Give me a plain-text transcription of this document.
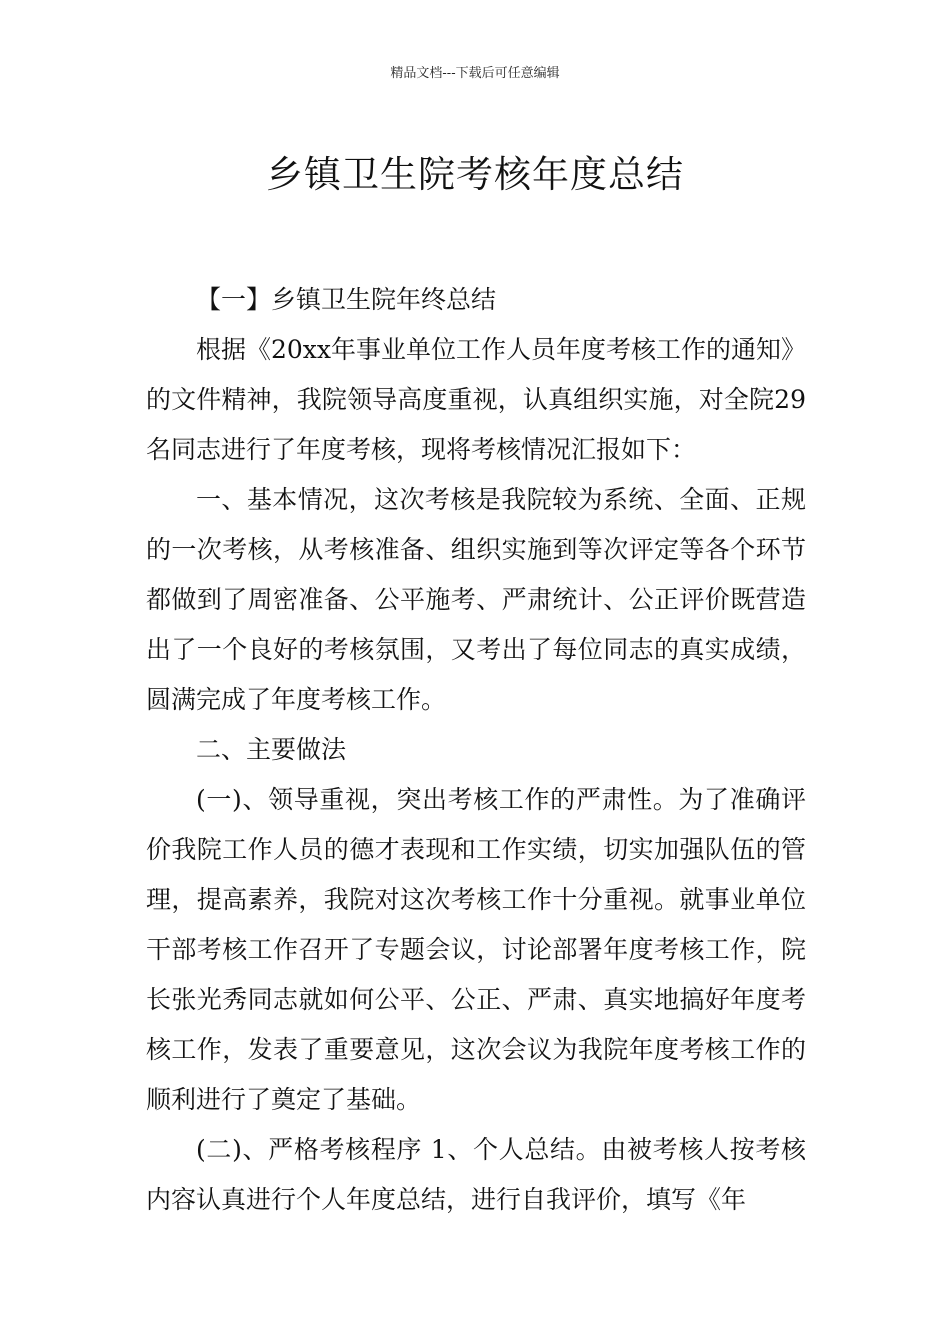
精品文档---下载后可任意编辑
乡镇卫生院考核年度总结

【一】乡镇卫生院年终总结

根据《20xx年事业单位工作人员年度考核工作的通知》的文件精神，我院领导高度重视，认真组织实施，对全院29名同志进行了年度考核，现将考核情况汇报如下：

一、基本情况，这次考核是我院较为系统、全面、正规的一次考核，从考核准备、组织实施到等次评定等各个环节都做到了周密准备、公平施考、严肃统计、公正评价既营造出了一个良好的考核氛围，又考出了每位同志的真实成绩，圆满完成了年度考核工作。

二、主要做法

(一)、领导重视，突出考核工作的严肃性。为了准确评价我院工作人员的德才表现和工作实绩，切实加强队伍的管理，提高素养，我院对这次考核工作十分重视。就事业单位干部考核工作召开了专题会议，讨论部署年度考核工作，院长张光秀同志就如何公平、公正、严肃、真实地搞好年度考核工作，发表了重要意见，这次会议为我院年度考核工作的顺利进行了奠定了基础。

(二)、严格考核程序 1、个人总结。由被考核人按考核内容认真进行个人年度总结，进行自我评价，填写《年
